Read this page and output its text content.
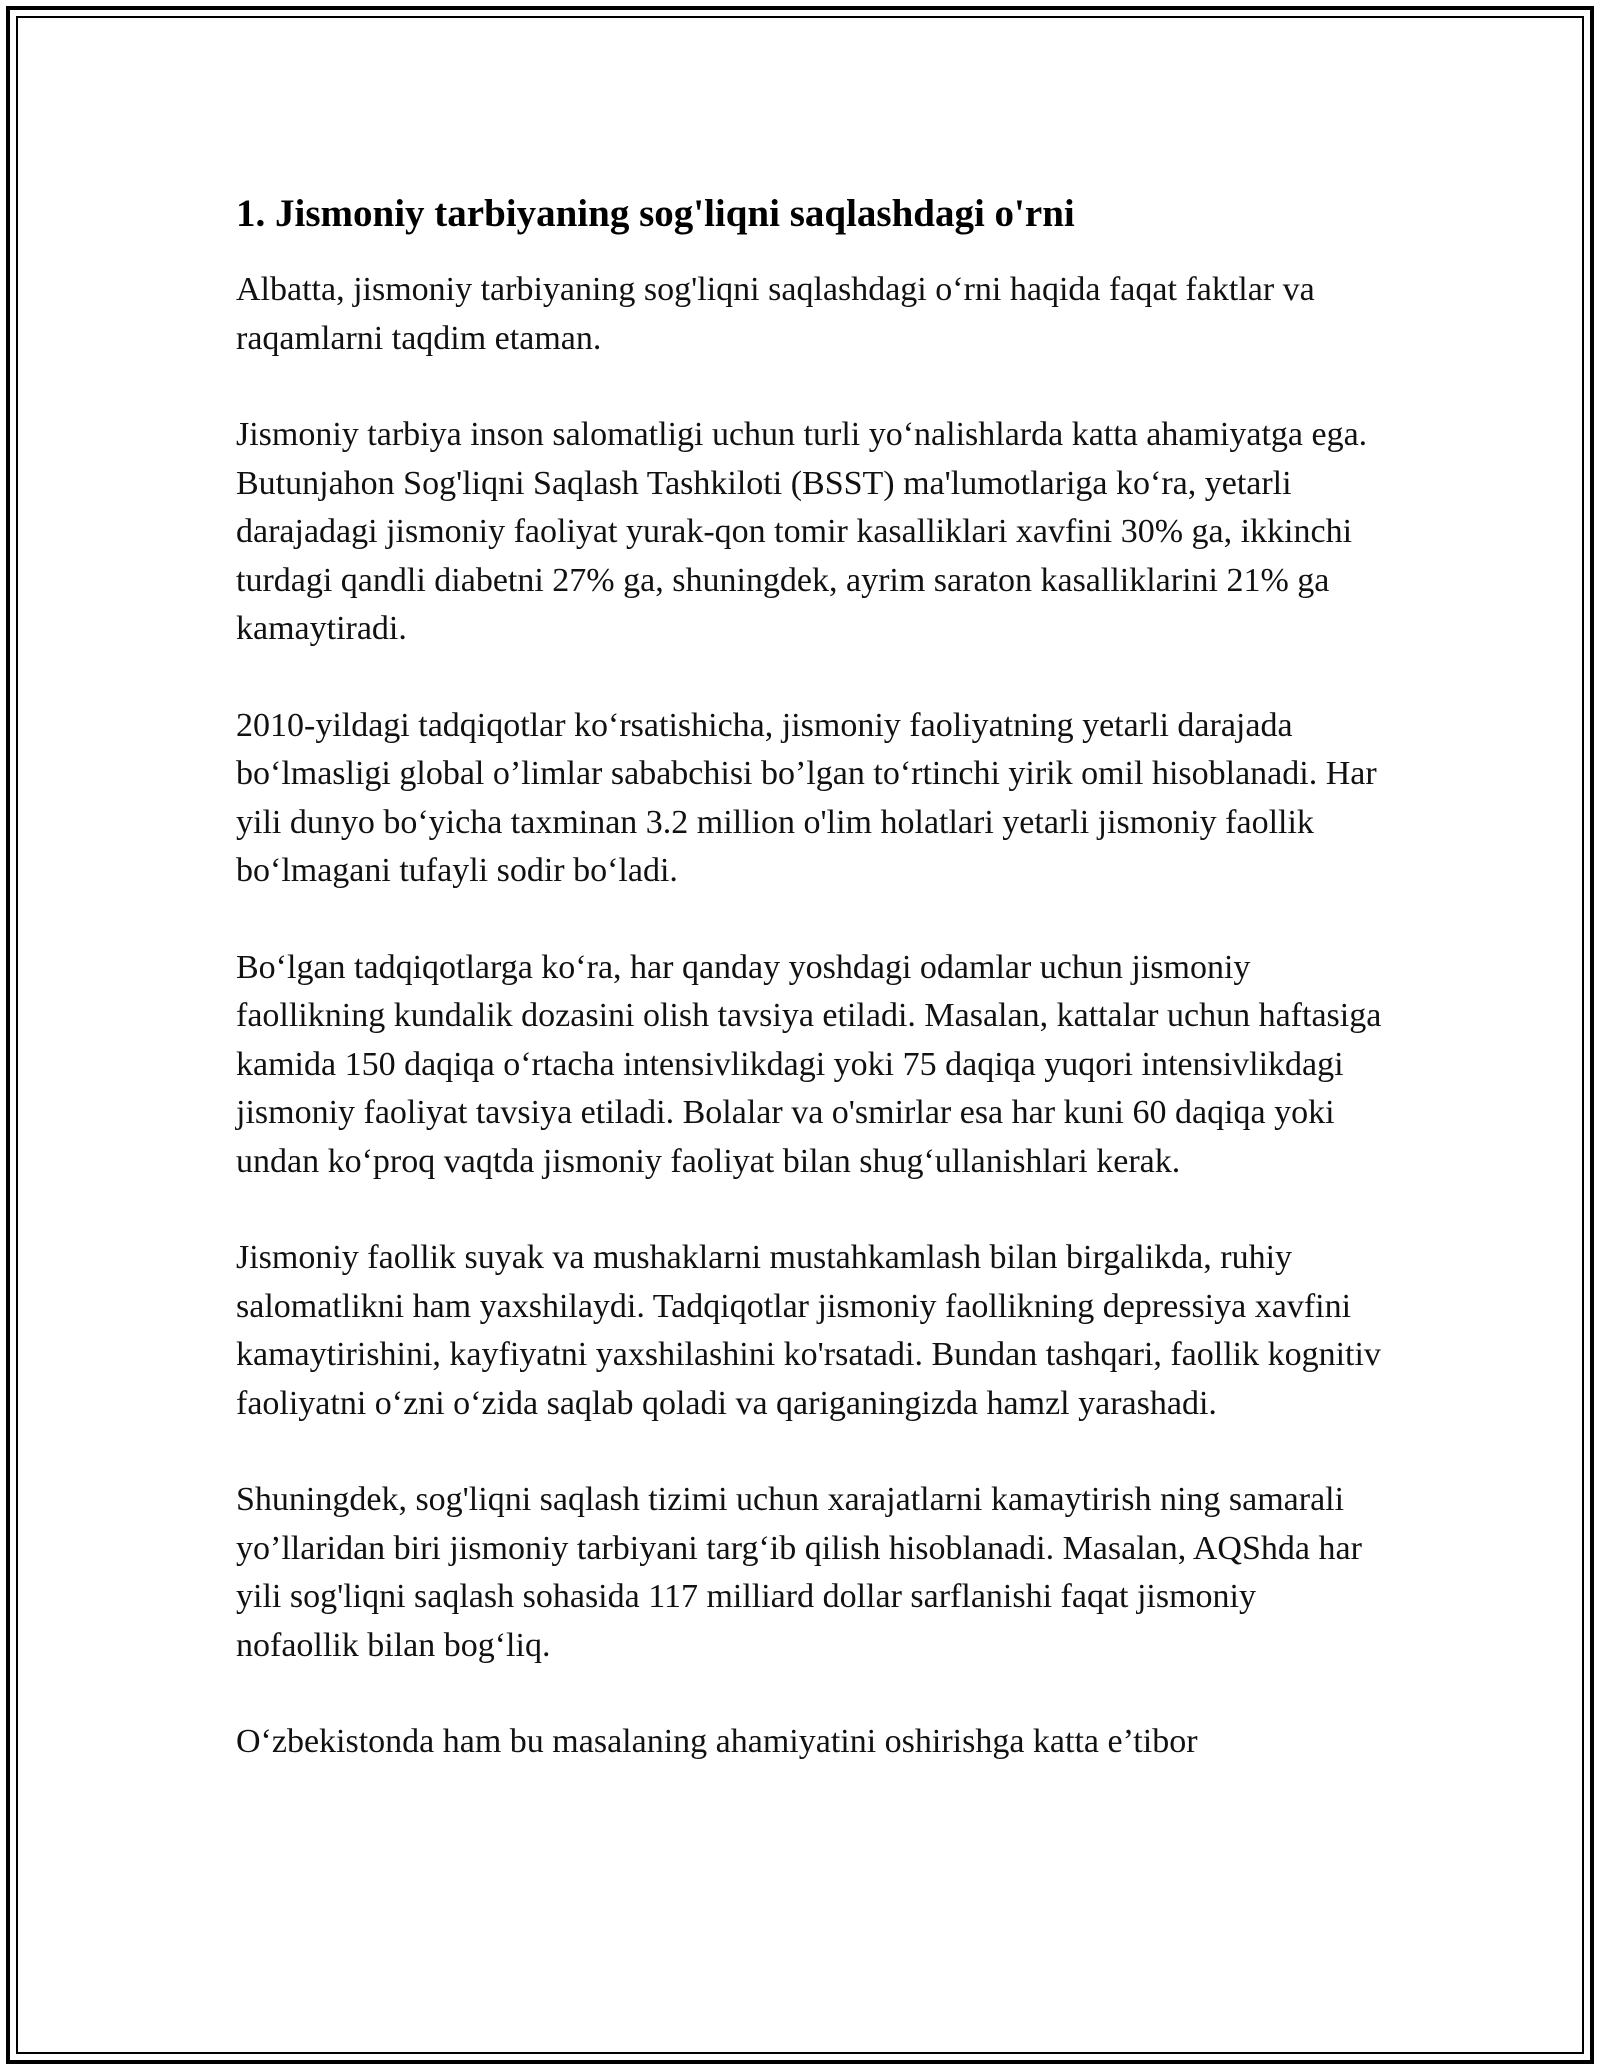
1. Jismoniy tarbiyaning sog'liqni saqlashdagi o'rni

Albatta, jismoniy tarbiyaning sog'liqni saqlashdagi o‘rni haqida faqat faktlar va raqamlarni taqdim etaman.

Jismoniy tarbiya inson salomatligi uchun turli yo‘nalishlarda katta ahamiyatga ega. Butunjahon Sog'liqni Saqlash Tashkiloti (BSST) ma'lumotlariga ko‘ra, yetarli darajadagi jismoniy faoliyat yurak-qon tomir kasalliklari xavfini 30% ga, ikkinchi turdagi qandli diabetni 27% ga, shuningdek, ayrim saraton kasalliklarini 21% ga kamaytiradi.

2010-yildagi tadqiqotlar ko‘rsatishicha, jismoniy faoliyatning yetarli darajada bo‘lmasligi global o’limlar sababchisi bo’lgan to‘rtinchi yirik omil hisoblanadi. Har yili dunyo bo‘yicha taxminan 3.2 million o'lim holatlari yetarli jismoniy faollik bo‘lmagani tufayli sodir bo‘ladi.

Bo‘lgan tadqiqotlarga ko‘ra, har qanday yoshdagi odamlar uchun jismoniy faollikning kundalik dozasini olish tavsiya etiladi. Masalan, kattalar uchun haftasiga kamida 150 daqiqa o‘rtacha intensivlikdagi yoki 75 daqiqa yuqori intensivlikdagi jismoniy faoliyat tavsiya etiladi. Bolalar va o'smirlar esa har kuni 60 daqiqa yoki undan ko‘proq vaqtda jismoniy faoliyat bilan shug‘ullanishlari kerak.

Jismoniy faollik suyak va mushaklarni mustahkamlash bilan birgalikda, ruhiy salomatlikni ham yaxshilaydi. Tadqiqotlar jismoniy faollikning depressiya xavfini kamaytirishini, kayfiyatni yaxshilashini ko'rsatadi. Bundan tashqari, faollik kognitiv faoliyatni o‘zni o‘zida saqlab qoladi va qariganingizda hamzl yarashadi.

Shuningdek, sog'liqni saqlash tizimi uchun xarajatlarni kamaytirish ning samarali yo’llaridan biri jismoniy tarbiyani targ‘ib qilish hisoblanadi. Masalan, AQShda har yili sog'liqni saqlash sohasida 117 milliard dollar sarflanishi faqat jismoniy nofaollik bilan bog‘liq.

O‘zbekistonda ham bu masalaning ahamiyatini oshirishga katta e’tibor
